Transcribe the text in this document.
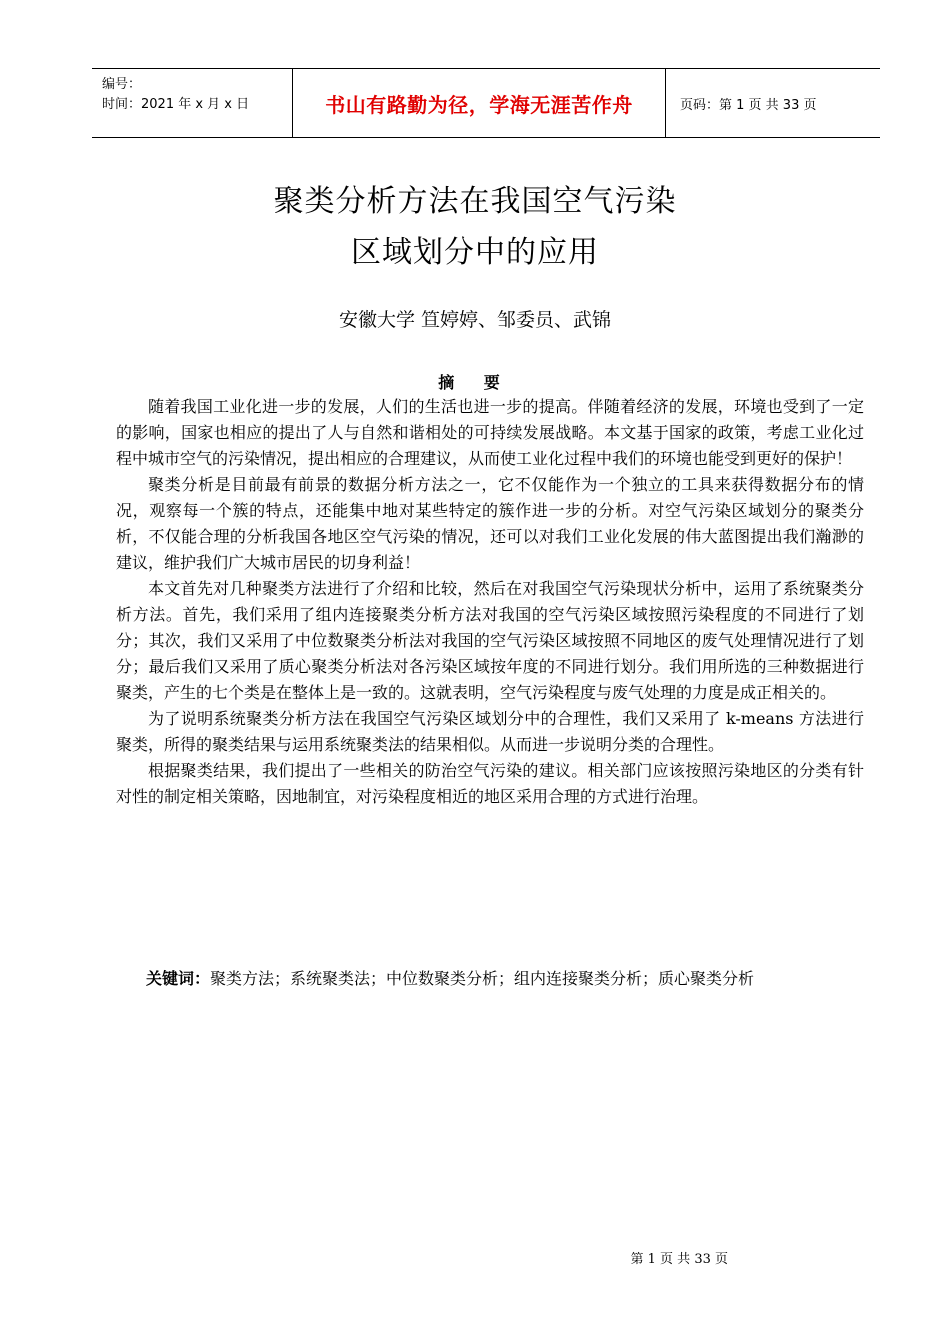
编号：
时间：2021 年 x 月 x 日	书山有路勤为径，学海无涯苦作舟	页码：第 1 页 共 33 页
聚类分析方法在我国空气污染
区域划分中的应用
安徽大学 笪婷婷、邹委员、武锦
摘 要

随着我国工业化进一步的发展，人们的生活也进一步的提高。伴随着经济的发展，环境也受到了一定的影响，国家也相应的提出了人与自然和谐相处的可持续发展战略。本文基于国家的政策，考虑工业化过程中城市空气的污染情况，提出相应的合理建议，从而使工业化过程中我们的环境也能受到更好的保护！

聚类分析是目前最有前景的数据分析方法之一，它不仅能作为一个独立的工具来获得数据分布的情况，观察每一个簇的特点，还能集中地对某些特定的簇作进一步的分析。对空气污染区域划分的聚类分析，不仅能合理的分析我国各地区空气污染的情况，还可以对我们工业化发展的伟大蓝图提出我们瀚渺的建议，维护我们广大城市居民的切身利益！

本文首先对几种聚类方法进行了介绍和比较，然后在对我国空气污染现状分析中，运用了系统聚类分析方法。首先，我们采用了组内连接聚类分析方法对我国的空气污染区域按照污染程度的不同进行了划分；其次，我们又采用了中位数聚类分析法对我国的空气污染区域按照不同地区的废气处理情况进行了划分；最后我们又采用了质心聚类分析法对各污染区域按年度的不同进行划分。我们用所选的三种数据进行聚类，产生的七个类是在整体上是一致的。这就表明，空气污染程度与废气处理的力度是成正相关的。

为了说明系统聚类分析方法在我国空气污染区域划分中的合理性，我们又采用了 k-means 方法进行聚类，所得的聚类结果与运用系统聚类法的结果相似。从而进一步说明分类的合理性。

根据聚类结果，我们提出了一些相关的防治空气污染的建议。相关部门应该按照污染地区的分类有针对性的制定相关策略，因地制宜，对污染程度相近的地区采用合理的方式进行治理。

关键词：聚类方法；系统聚类法；中位数聚类分析；组内连接聚类分析；质心聚类分析
第 1 页 共 33 页
